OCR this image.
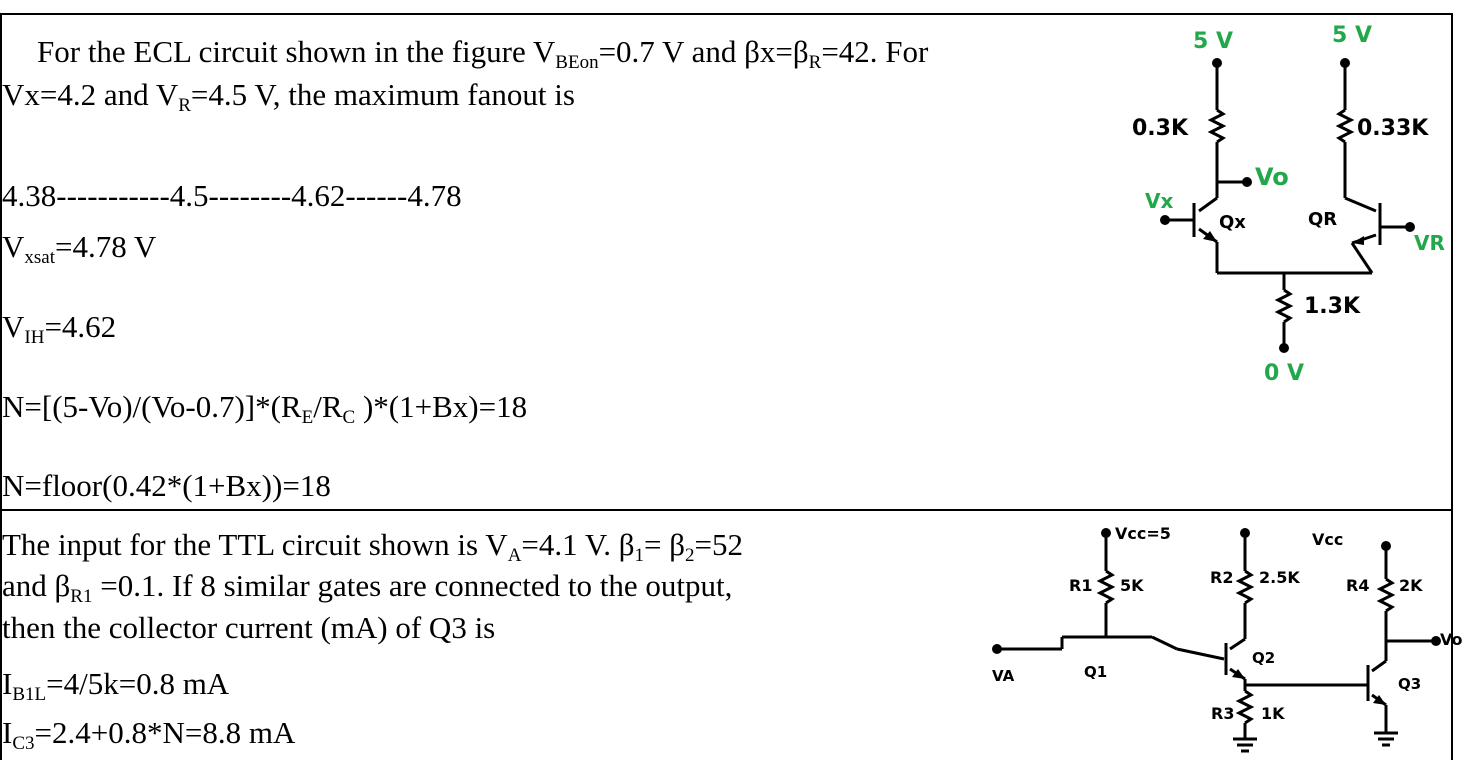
For the ECL circuit shown in the figure $V_{BEon}=0.7$ V and $\beta x=\beta_R=42$. For
Vx=4.2 and $V_R=4.5$ V, the maximum fanout is
4.38-----------4.5--------4.62------4.78
$V_{xsat}=4.78$ V
$V_{IH}=4.62$
$N=[(5-Vo)/(Vo-0.7)]*(R_E/R_C$ )*(1+Bx)=18
N=floor(0.42*(1+Bx))=18
5 V	5 V
0.3K	0.33K
Vo
Vx
Qx	QR
VR
1.3K
0 V
The input for the TTL circuit shown is $V_A=4.1$ V. $\beta_1= \beta_2=52$
and $\beta_{R1} =0.1$. If 8 similar gates are connected to the output,
then the collector current (mA) of Q3 is
$I_{B1L}=4/5k=0.8$ mA
$I_{C3}=2.4+0.8*N=8.8$ mA
Vcc=5	Vcc
R1 5K	R2 2.5K	R4 2K
Vo
Q2
Q1
VA
R3 1K
Q3
